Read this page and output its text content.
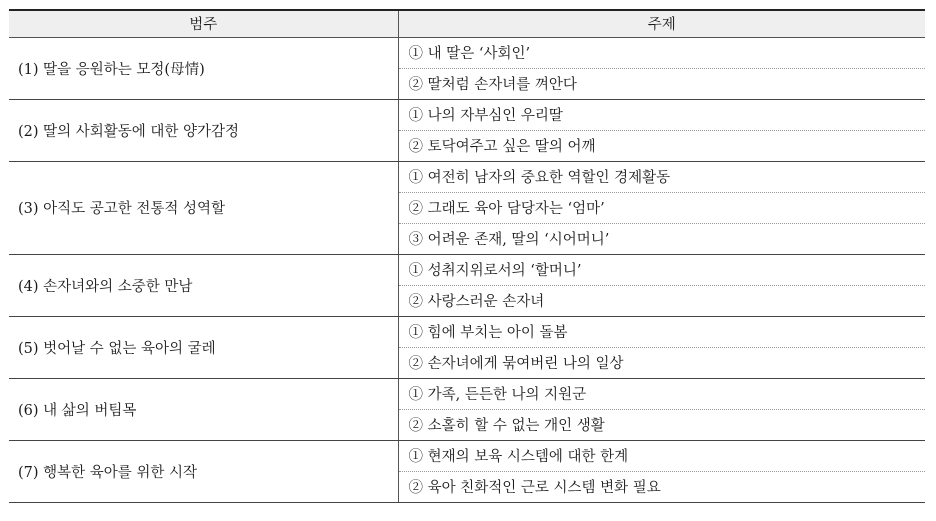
범주	주제
(1) 딸을 응원하는 모정(母情)	① 내 딸은 ‘사회인’
	② 딸처럼 손자녀를 껴안다
(2) 딸의 사회활동에 대한 양가감정	① 나의 자부심인 우리딸
	② 토닥여주고 싶은 딸의 어깨
(3) 아직도 공고한 전통적 성역할	① 여전히 남자의 중요한 역할인 경제활동
	② 그래도 육아 담당자는 ‘엄마’
	③ 어려운 존재, 딸의 ‘시어머니’
(4) 손자녀와의 소중한 만남	① 성취지위로서의 ‘할머니’
	② 사랑스러운 손자녀
(5) 벗어날 수 없는 육아의 굴레	① 힘에 부치는 아이 돌봄
	② 손자녀에게 묶여버린 나의 일상
(6) 내 삶의 버팀목	① 가족, 든든한 나의 지원군
	② 소홀히 할 수 없는 개인 생활
(7) 행복한 육아를 위한 시작	① 현재의 보육 시스템에 대한 한계
	② 육아 친화적인 근로 시스템 변화 필요
